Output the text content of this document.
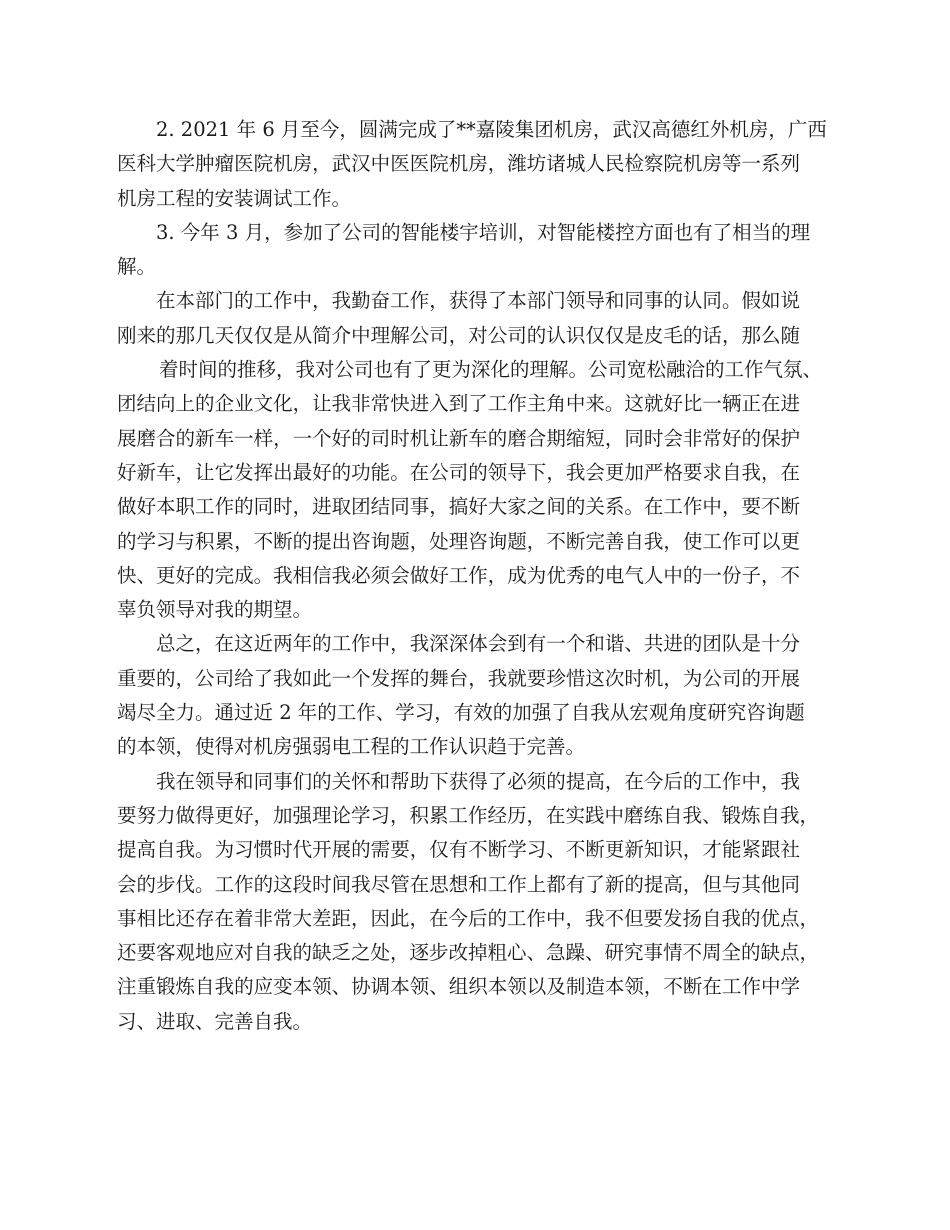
2. 2021 年 6 月至今，圆满完成了**嘉陵集团机房，武汉高德红外机房，广西
医科大学肿瘤医院机房，武汉中医医院机房，潍坊诸城人民检察院机房等一系列
机房工程的安装调试工作。
3. 今年 3 月，参加了公司的智能楼宇培训，对智能楼控方面也有了相当的理
解。
在本部门的工作中，我勤奋工作，获得了本部门领导和同事的认同。假如说
刚来的那几天仅仅是从简介中理解公司，对公司的认识仅仅是皮毛的话，那么随
着时间的推移，我对公司也有了更为深化的理解。公司宽松融洽的工作气氛、
团结向上的企业文化，让我非常快进入到了工作主角中来。这就好比一辆正在进
展磨合的新车一样，一个好的司时机让新车的磨合期缩短，同时会非常好的保护
好新车，让它发挥出最好的功能。在公司的领导下，我会更加严格要求自我，在
做好本职工作的同时，进取团结同事，搞好大家之间的关系。在工作中，要不断
的学习与积累，不断的提出咨询题，处理咨询题，不断完善自我，使工作可以更
快、更好的完成。我相信我必须会做好工作，成为优秀的电气人中的一份子，不
辜负领导对我的期望。
总之，在这近两年的工作中，我深深体会到有一个和谐、共进的团队是十分
重要的，公司给了我如此一个发挥的舞台，我就要珍惜这次时机，为公司的开展
竭尽全力。通过近 2 年的工作、学习，有效的加强了自我从宏观角度研究咨询题
的本领，使得对机房强弱电工程的工作认识趋于完善。
我在领导和同事们的关怀和帮助下获得了必须的提高，在今后的工作中，我
要努力做得更好，加强理论学习，积累工作经历，在实践中磨练自我、锻炼自我，
提高自我。为习惯时代开展的需要，仅有不断学习、不断更新知识，才能紧跟社
会的步伐。工作的这段时间我尽管在思想和工作上都有了新的提高，但与其他同
事相比还存在着非常大差距，因此，在今后的工作中，我不但要发扬自我的优点，
还要客观地应对自我的缺乏之处，逐步改掉粗心、急躁、研究事情不周全的缺点，
注重锻炼自我的应变本领、协调本领、组织本领以及制造本领，不断在工作中学
习、进取、完善自我。
